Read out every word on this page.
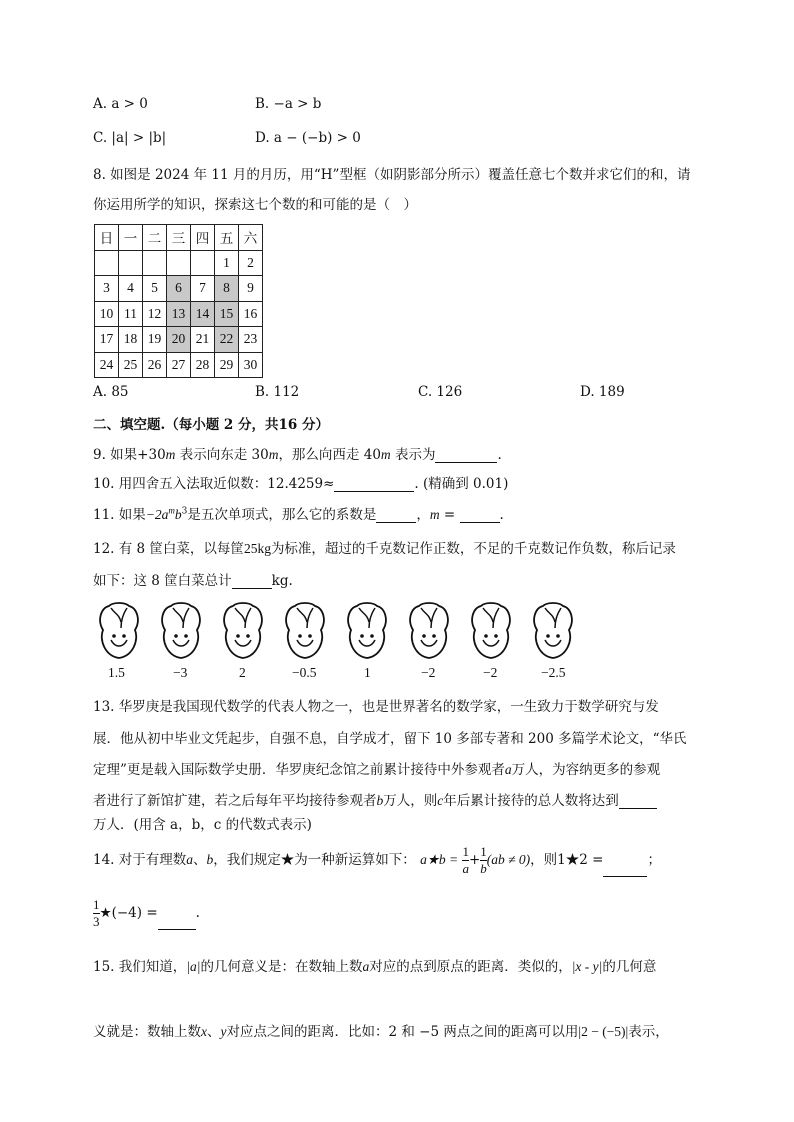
A. a > 0	B. −a > b
C. |a| > |b|	D. a − (−b) > 0
8. 如图是 2024 年 11 月的月历，用“H”型框（如阴影部分所示）覆盖任意七个数并求它们的和，请
你运用所学的知识，探索这七个数的和可能的是（　）
日	一	二	三	四	五	六
					1	2
3	4	5	6	7	8	9
10	11	12	13	14	15	16
17	18	19	20	21	22	23
24	25	26	27	28	29	30
A. 85	B. 112	C. 126	D. 189
二、填空题.（每小题 2 分，共16 分）
9. 如果+30m 表示向东走 30m，那么向西走 40m 表示为	.
10. 用四舍五入法取近似数：12.4259≈	. (精确到 0.01)
11. 如果$-2a^mb^3$是五次单项式，那么它的系数是	，m =	.
12. 有 8 筐白菜，以每筐25kg为标准，超过的千克数记作正数，不足的千克数记作负数，称后记录
如下：这 8 筐白菜总计	kg.
1.5	−3	2	−0.5	1	−2	−2	−2.5
13. 华罗庚是我国现代数学的代表人物之一，也是世界著名的数学家，一生致力于数学研究与发
展．他从初中毕业文凭起步，自强不息，自学成才，留下 10 多部专著和 200 多篇学术论文，“华氏
定理”更是载入国际数学史册．华罗庚纪念馆之前累计接待中外参观者a万人，为容纳更多的参观
者进行了新馆扩建，若之后每年平均接待参观者b万人，则c年后累计接待的总人数将达到
万人．(用含 a，b，c 的代数式表示)
14. 对于有理数a、b，我们规定★为一种新运算如下： a★b = $\frac{1}{a} + \frac{1}{b} (ab \ne 0)$，则1★2 =	；
$\frac{1}{3}$ ★(−4) =	.
15. 我们知道，|a|的几何意义是：在数轴上数a对应的点到原点的距离．类似的，|x - y|的几何意
义就是：数轴上数x、y对应点之间的距离．比如：2 和 −5 两点之间的距离可以用|2 − (−5)|表示，
